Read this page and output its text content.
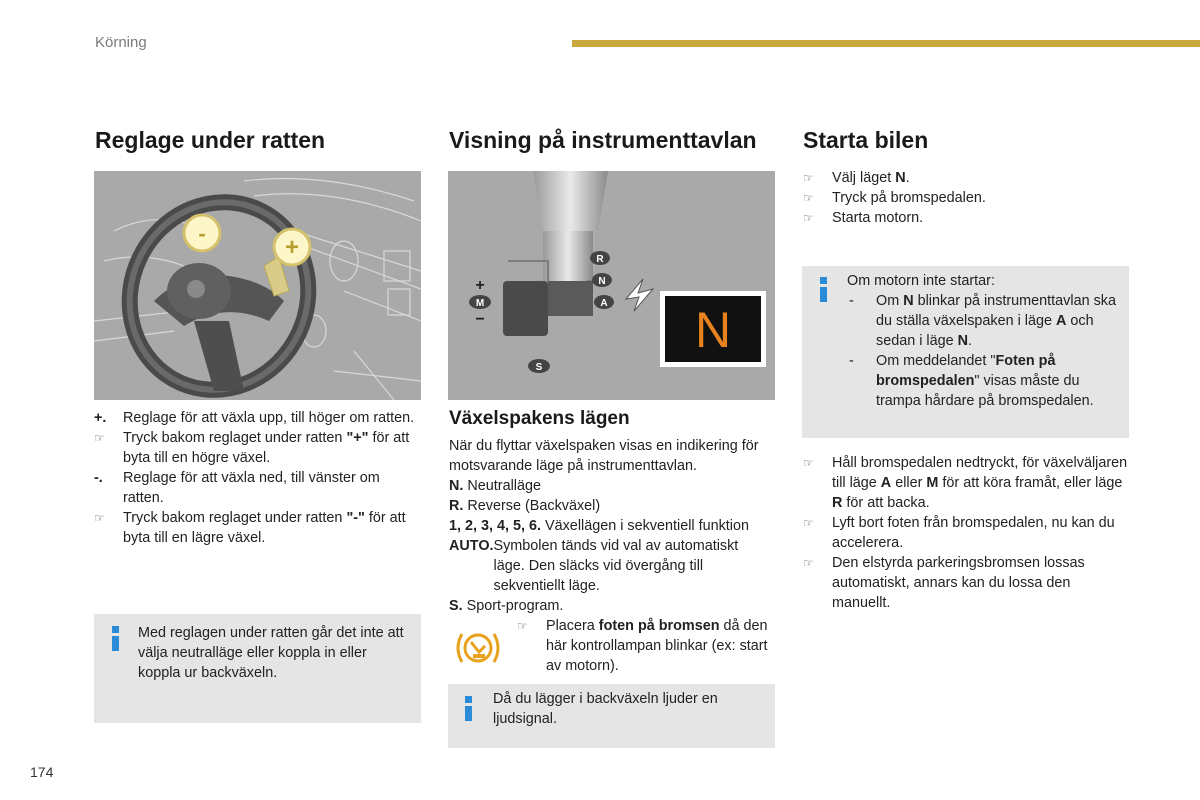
Körning
Reglage under ratten
-
+
+. Reglage för att växla upp, till höger om ratten.
☞ Tryck bakom reglaget under ratten "+" för att byta till en högre växel.
-. Reglage för att växla ned, till vänster om ratten.
☞ Tryck bakom reglaget under ratten "-" för att byta till en lägre växel.
Med reglagen under ratten går det inte att välja neutralläge eller koppla in eller koppla ur backväxeln.
Visning på instrumenttavlan
+
M
−
R
N
A
S
N
Växelspakens lägen

När du flyttar växelspaken visas en indikering för motsvarande läge på instrumenttavlan.

N. Neutralläge

R. Reverse (Backväxel)

1, 2, 3, 4, 5, 6. Växellägen i sekventiell funktion

AUTO.Symbolen tänds vid val av automatiskt läge. Den släcks vid övergång till sekventiellt läge.

S. Sport-program.

☞ Placera foten på bromsen då den här kontrollampan blinkar (ex: start av motorn).
Då du lägger i backväxeln ljuder en ljudsignal.
Starta bilen
☞ Välj läget N.
☞ Tryck på bromspedalen.
☞ Starta motorn.

Om motorn inte startar:

- Om N blinkar på instrumenttavlan ska du ställa växelspaken i läge A och sedan i läge N.
- Om meddelandet "Foten på bromspedalen" visas måste du trampa hårdare på bromspedalen.
☞ Håll bromspedalen nedtryckt, för växelväljaren till läge A eller M för att köra framåt, eller läge R för att backa.
☞ Lyft bort foten från bromspedalen, nu kan du accelerera.
☞ Den elstyrda parkeringsbromsen lossas automatiskt, annars kan du lossa den manuellt.
174
